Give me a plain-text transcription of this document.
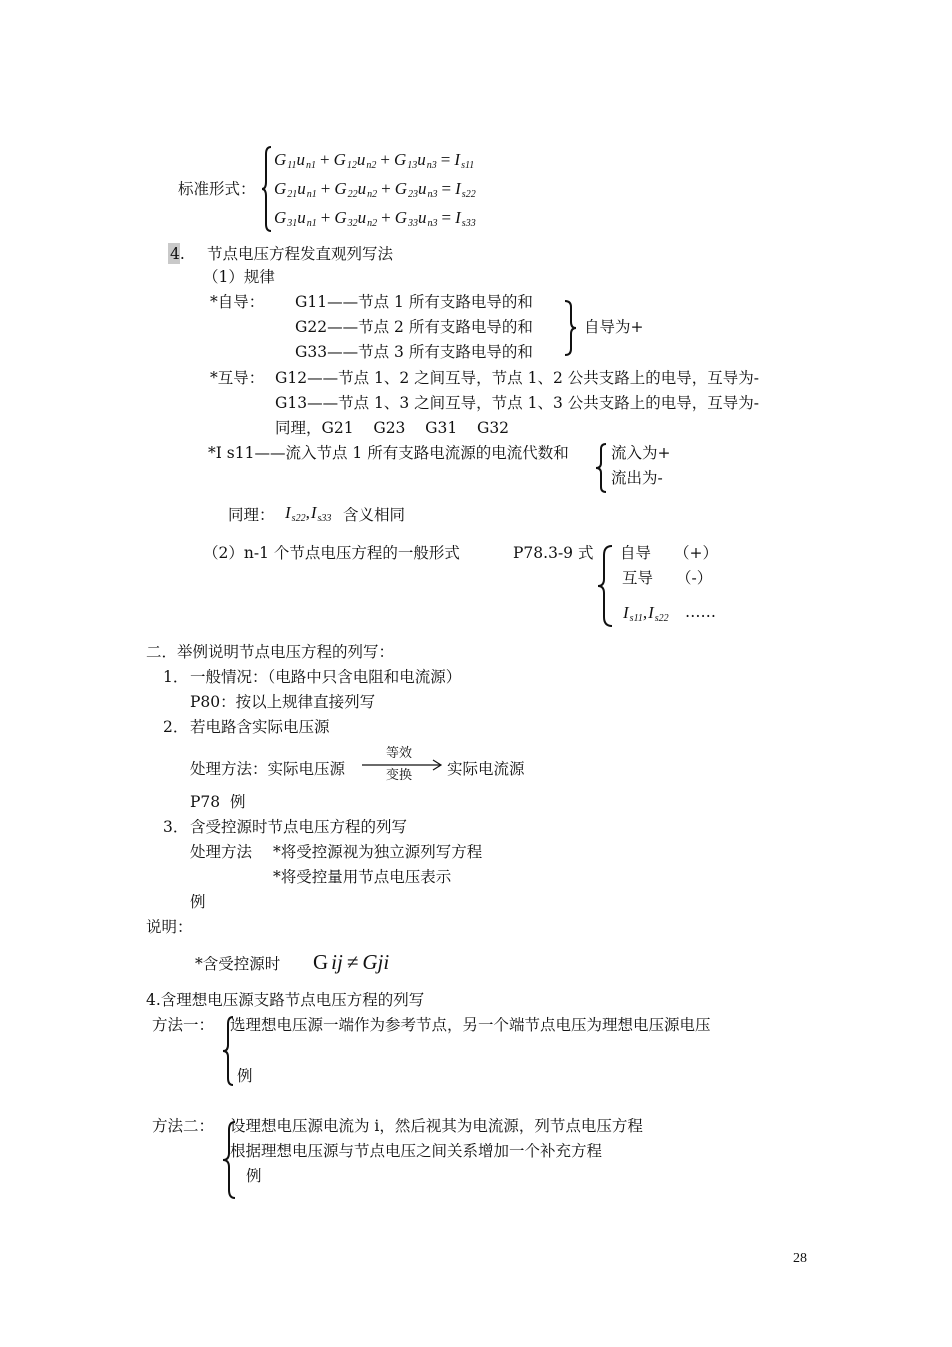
标准形式：
$G_{11}u_{n1} + G_{12}u_{n2} + G_{13}u_{n3} = I_{s11}$
$G_{21}u_{n1} + G_{22}u_{n2} + G_{23}u_{n3} = I_{s22}$
$G_{31}u_{n1} + G_{32}u_{n2} + G_{33}u_{n3} = I_{s33}$
4. 节点电压方程发直观列写法
（1）规律
*自导： G11——节点 1 所有支路电导的和
G22——节点 2 所有支路电导的和
G33——节点 3 所有支路电导的和
自导为+
*互导： G12——节点 1、2 之间互导，节点 1、2 公共支路上的电导，互导为-
G13——节点 1、3 之间互导，节点 1、3 公共支路上的电导，互导为-
同理，G21    G23    G31    G32
*I s11——流入节点 1 所有支路电流源的电流代数和	流入为+
流出为-
同理： $I_{s22},I_{s33}$ 含义相同
（2）n-1 个节点电压方程的一般形式	P78.3-9 式 自导 （+）
互导 （-）
$I_{s11},I_{s22}$ ……
二．举例说明节点电压方程的列写：
1． 一般情况：（电路中只含电阻和电流源）
P80：按以上规律直接列写
2． 若电路含实际电压源
处理方法：实际电压源
等效
变换 实际电流源
P78  例
3． 含受控源时节点电压方程的列写
处理方法 *将受控源视为独立源列写方程
*将受控量用节点电压表示
例
说明：
*含受控源时 G ij ≠ Gji
4.含理想电压源支路节点电压方程的列写
方法一： 选理想电压源一端作为参考节点，另一个端节点电压为理想电压源电压
例
方法二： 设理想电压源电流为 i，然后视其为电流源，列节点电压方程
根据理想电压源与节点电压之间关系增加一个补充方程
例
28
